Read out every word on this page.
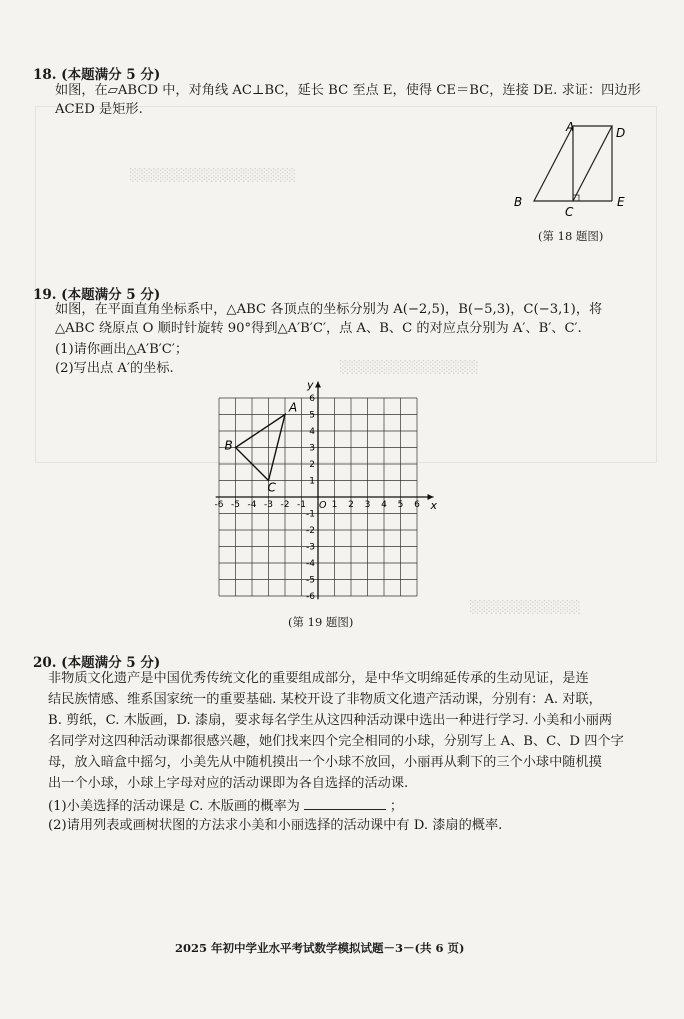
░░░░░░░░░░░░░░░░░░
░░░░░░░░░░░░░░░
░░░░░░░░░░░░
18. (本题满分 5 分)
如图，在▱ABCD 中，对角线 AC⊥BC，延长 BC 至点 E，使得 CE＝BC，连接 DE. 求证：四边形
ACED 是矩形.
A	D
B
C
E
(第 18 题图)
19. (本题满分 5 分)
如图，在平面直角坐标系中，△ABC 各顶点的坐标分别为 A(−2,5)，B(−5,3)，C(−3,1)，将
△ABC 绕原点 O 顺时针旋转 90°得到△A′B′C′，点 A、B、C 的对应点分别为 A′、B′、C′.
(1)请你画出△A′B′C′；
(2)写出点 A′的坐标.
x
y
O
-6 -5 -4 -3 -2 -1	1 2 3 4 5 6
6
5
4
3
2
1
-1
-2
-3
-4
-5
-6
A
B
C
(第 19 题图)
20. (本题满分 5 分)
非物质文化遗产是中国优秀传统文化的重要组成部分，是中华文明绵延传承的生动见证，是连
结民族情感、维系国家统一的重要基础. 某校开设了非物质文化遗产活动课，分别有：A. 对联，
B. 剪纸，C. 木版画，D. 漆扇，要求每名学生从这四种活动课中选出一种进行学习. 小美和小丽两
名同学对这四种活动课都很感兴趣，她们找来四个完全相同的小球，分别写上 A、B、C、D 四个字
母，放入暗盒中摇匀，小美先从中随机摸出一个小球不放回，小丽再从剩下的三个小球中随机摸
出一个小球，小球上字母对应的活动课即为各自选择的活动课.
(1)小美选择的活动课是 C. 木版画的概率为	；
(2)请用列表或画树状图的方法求小美和小丽选择的活动课中有 D. 漆扇的概率.
2025 年初中学业水平考试数学模拟试题－3－(共 6 页)
